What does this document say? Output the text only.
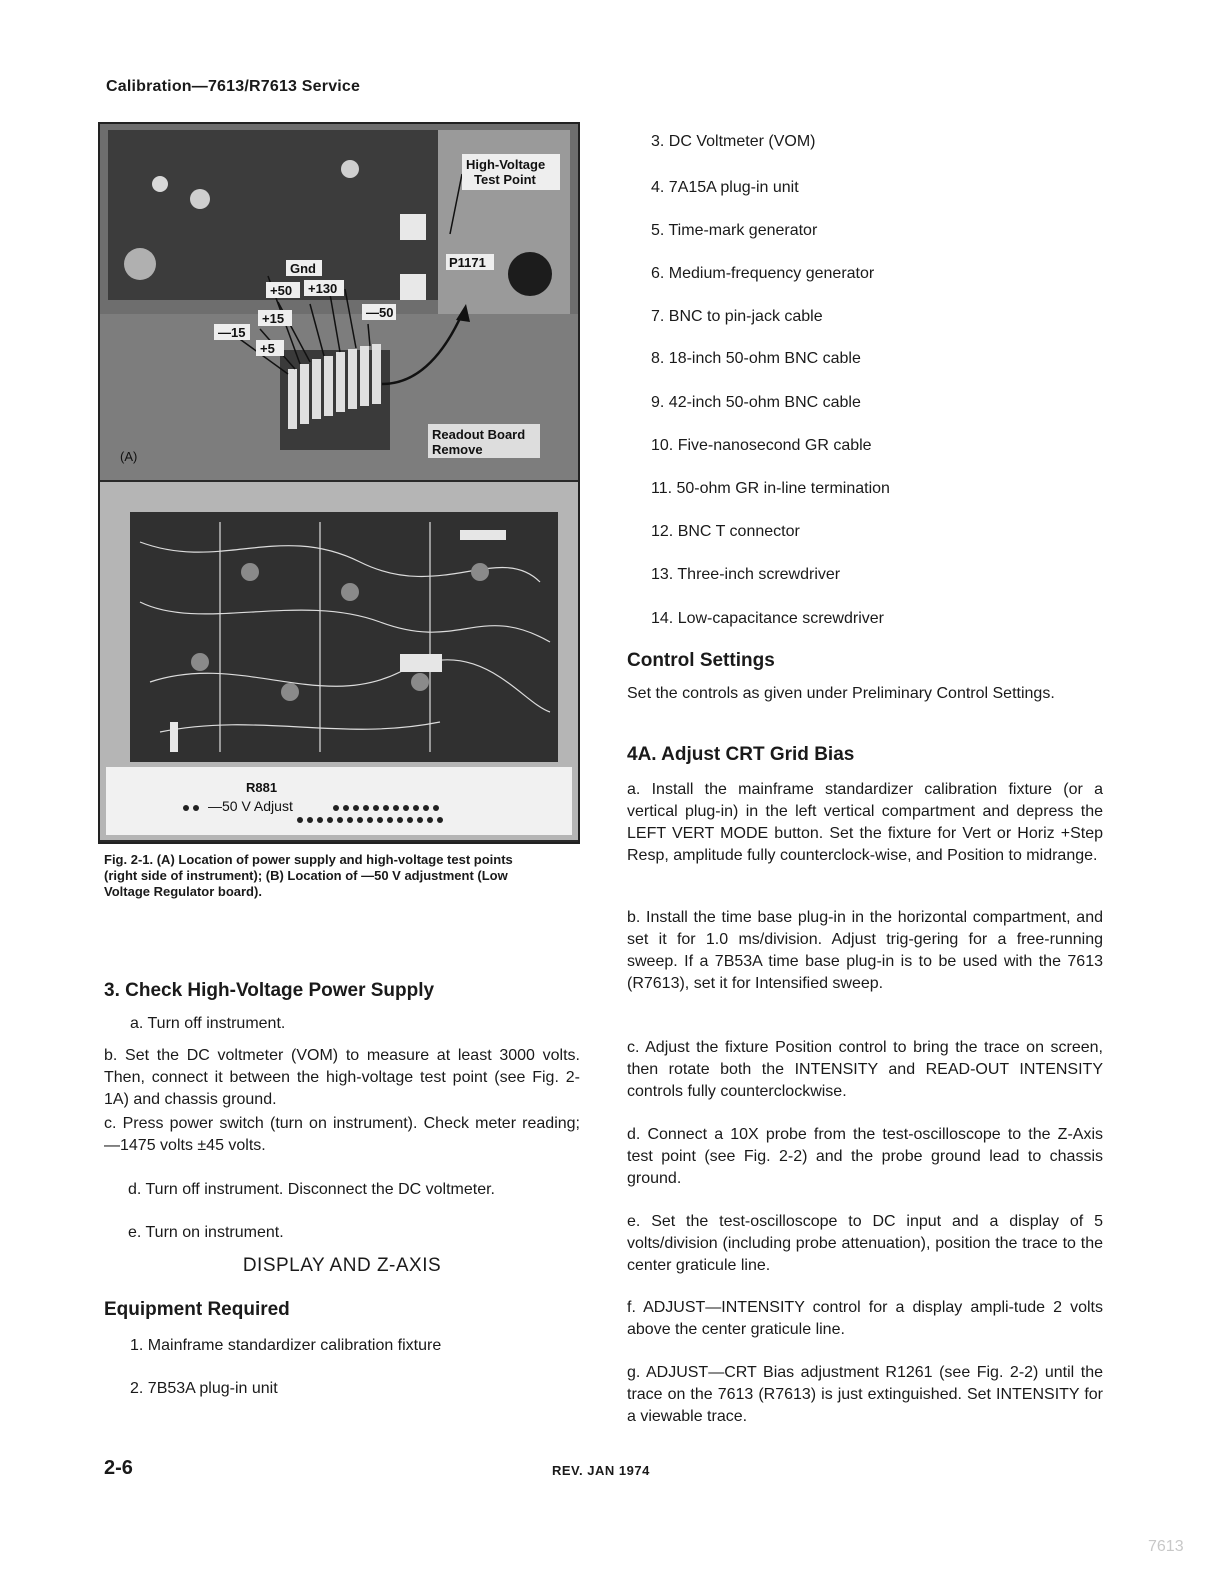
Calibration—7613/R7613 Service
High-Voltage
Test Point
Gnd
+50 +130
—50
+15
—15
+5
P1171
Readout Board
Remove
(A)
R881
—50 V Adjust
Fig. 2-1. (A) Location of power supply and high-voltage test points
(right side of instrument); (B) Location of —50 V adjustment (Low
Voltage Regulator board).
3. Check High-Voltage Power Supply
a. Turn off instrument.
b. Set the DC voltmeter (VOM) to measure at least 3000 volts. Then, connect it between the high-voltage test point (see Fig. 2-1A) and chassis ground.
c. Press power switch (turn on instrument). Check meter reading; —1475 volts ±45 volts.
d. Turn off instrument. Disconnect the DC voltmeter.
e. Turn on instrument.
DISPLAY AND Z-AXIS
Equipment Required
1. Mainframe standardizer calibration fixture
2. 7B53A plug-in unit
3. DC Voltmeter (VOM)
4. 7A15A plug-in unit
5. Time-mark generator
6. Medium-frequency generator
7. BNC to pin-jack cable
8. 18-inch 50-ohm BNC cable
9. 42-inch 50-ohm BNC cable
10. Five-nanosecond GR cable
11. 50-ohm GR in-line termination
12. BNC T connector
13. Three-inch screwdriver
14. Low-capacitance screwdriver
Control Settings
Set the controls as given under Preliminary Control Settings.
4A. Adjust CRT Grid Bias
a. Install the mainframe standardizer calibration fixture (or a vertical plug-in) in the left vertical compartment and depress the LEFT VERT MODE button. Set the fixture for Vert or Horiz +Step Resp, amplitude fully counterclock-wise, and Position to midrange.
b. Install the time base plug-in in the horizontal compartment, and set it for 1.0 ms/division. Adjust trig-gering for a free-running sweep. If a 7B53A time base plug-in is to be used with the 7613 (R7613), set it for Intensified sweep.
c. Adjust the fixture Position control to bring the trace on screen, then rotate both the INTENSITY and READ-OUT INTENSITY controls fully counterclockwise.
d. Connect a 10X probe from the test-oscilloscope to the Z-Axis test point (see Fig. 2-2) and the probe ground lead to chassis ground.
e. Set the test-oscilloscope to DC input and a display of 5 volts/division (including probe attenuation), position the trace to the center graticule line.
f. ADJUST—INTENSITY control for a display ampli-tude 2 volts above the center graticule line.
g. ADJUST—CRT Bias adjustment R1261 (see Fig. 2-2) until the trace on the 7613 (R7613) is just extinguished. Set INTENSITY for a viewable trace.
2-6	REV. JAN 1974
7613
